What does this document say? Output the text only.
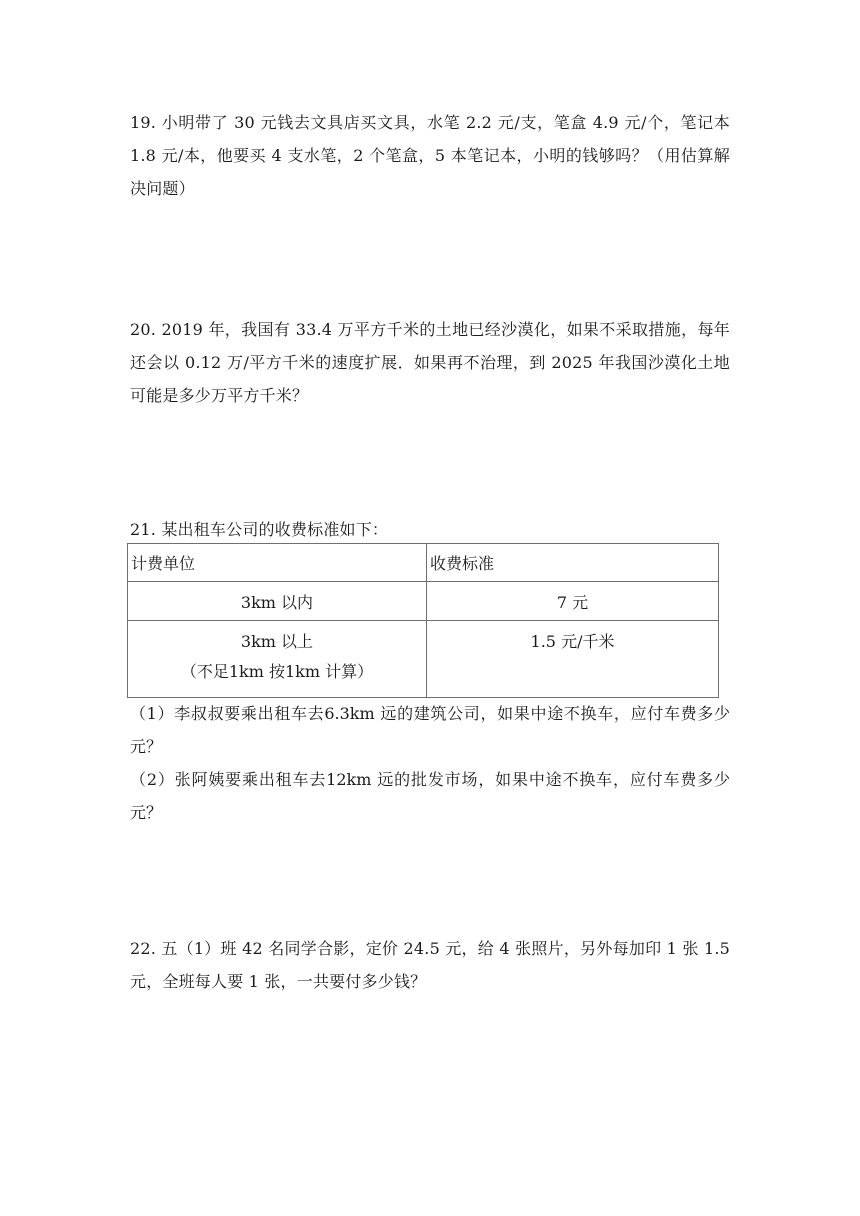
19. 小明带了 30 元钱去文具店买文具，水笔 2.2 元/支，笔盒 4.9 元/个，笔记本 1.8 元/本，他要买 4 支水笔，2 个笔盒，5 本笔记本，小明的钱够吗？（用估算解决问题）
20. 2019 年，我国有 33.4 万平方千米的土地已经沙漠化，如果不采取措施，每年还会以 0.12 万/平方千米的速度扩展．如果再不治理，到 2025 年我国沙漠化土地可能是多少万平方千米？
21. 某出租车公司的收费标准如下：
计费单位	收费标准
3km 以内	7 元

3km 以上
（不足1km 按1km 计算）	1.5 元/千米
（1）李叔叔要乘出租车去6.3km 远的建筑公司，如果中途不换车，应付车费多少元？
（2）张阿姨要乘出租车去12km 远的批发市场，如果中途不换车，应付车费多少元？
22. 五（1）班 42 名同学合影，定价 24.5 元，给 4 张照片，另外每加印 1 张 1.5 元，全班每人要 1 张，一共要付多少钱？
